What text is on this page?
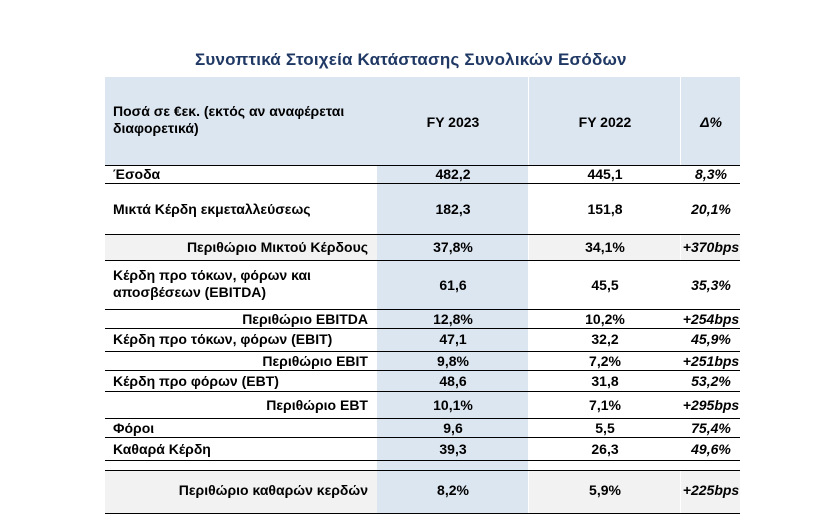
Συνοπτικά Στοιχεία Κατάστασης Συνολικών Εσόδων
Ποσά σε €εκ. (εκτός αν αναφέρεται διαφορετικά)	FY 2023	FY 2022	Δ%
Έσοδα	482,2	445,1	8,3%
Μικτά Κέρδη εκμεταλλεύσεως	182,3	151,8	20,1%
Περιθώριο Μικτού Κέρδους	37,8%	34,1%	+370bps
Κέρδη προ τόκων, φόρων και αποσβέσεων (EBITDA)	61,6	45,5	35,3%
Περιθώριο EBITDA	12,8%	10,2%	+254bps
Κέρδη προ τόκων, φόρων (EBIT)	47,1	32,2	45,9%
Περιθώριο EBIT	9,8%	7,2%	+251bps
Κέρδη προ φόρων (EBT)	48,6	31,8	53,2%
Περιθώριο EBT	10,1%	7,1%	+295bps
Φόροι	9,6	5,5	75,4%
Καθαρά Κέρδη	39,3	26,3	49,6%
Περιθώριο καθαρών κερδών	8,2%	5,9%	+225bps
